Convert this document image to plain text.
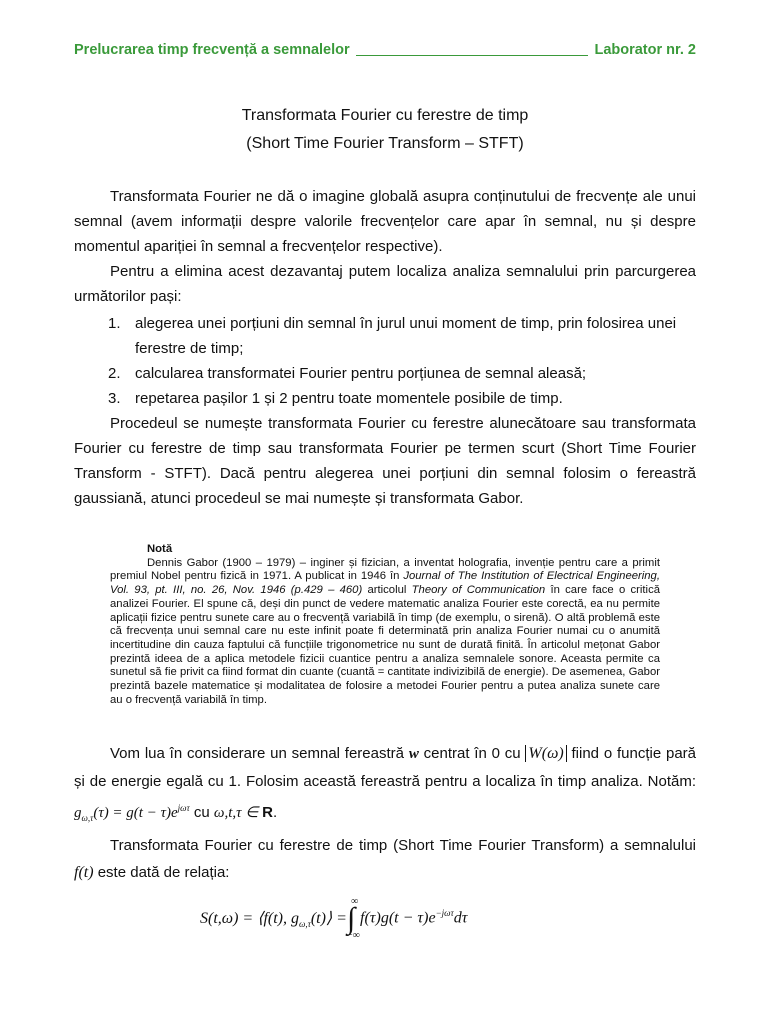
Prelucrarea timp frecvență a semnalelor	Laborator nr. 2
Transformata Fourier cu ferestre de timp
(Short Time Fourier Transform – STFT)
Transformata Fourier ne dă o imagine globală asupra conținutului de frecvențe ale unui semnal (avem informații despre valorile frecvențelor care apar în semnal, nu și despre momentul apariției în semnal a frecvențelor respective).
Pentru a elimina acest dezavantaj putem localiza analiza semnalului prin parcurgerea următorilor pași:
1. alegerea unei porțiuni din semnal în jurul unui moment de timp, prin folosirea unei ferestre de timp;
2. calcularea transformatei Fourier pentru porțiunea de semnal aleasă;
3. repetarea pașilor 1 și 2 pentru toate momentele posibile de timp.
Procedeul se numește transformata Fourier cu ferestre alunecătoare sau transformata Fourier cu ferestre de timp sau transformata Fourier pe termen scurt (Short Time Fourier Transform - STFT). Dacă pentru alegerea unei porțiuni din semnal folosim o fereastră gaussiană, atunci procedeul se mai numește și transformata Gabor.
Notă
Dennis Gabor (1900 – 1979) – inginer și fizician, a inventat holografia, invenție pentru care a primit premiul Nobel pentru fizică in 1971. A publicat in 1946 în Journal of The Institution of Electrical Engineering, Vol. 93, pt. III, no. 26, Nov. 1946 (p.429 – 460) articolul Theory of Communication în care face o critică analizei Fourier. El spune că, deși din punct de vedere matematic analiza Fourier este corectă, ea nu permite aplicații fizice pentru sunete care au o frecvență variabilă în timp (de exemplu, o sirenă). O altă problemă este că frecvența unui semnal care nu este infinit poate fi determinată prin analiza Fourier numai cu o anumită incertitudine din cauza faptului că funcțiile trigonometrice nu sunt de durată finită. În articolul mețonat Gabor prezintă ideea de a aplica metodele fizicii cuantice pentru a analiza semnalele sonore. Aceasta permite ca sunetul să fie privit ca fiind format din cuante (cuantă = cantitate indivizibilă de energie). De asemenea, Gabor prezintă bazele matematice și modalitatea de folosire a metodei Fourier pentru a putea analiza sunete care au o frecvență variabilă în timp.
Vom lua în considerare un semnal fereastră w centrat în 0 cu W(ω) fiind o funcție pară și de energie egală cu 1. Folosim această fereastră pentru a localiza în timp analiza. Notăm: $g_{\omega,\tau}(\tau) = g(t - \tau)e^{j\omega\tau}$ cu ω,t,τ ∈ R.
Transformata Fourier cu ferestre de timp (Short Time Fourier Transform) a semnalului f(t) este dată de relația:
S(t,ω) = ⟨f(t), $g_{\omega,\tau}(t)⟩$ =
∞
∫
−∞
$f(\tau)g(t - \tau)e^{-j\omega\tau}d\tau$
